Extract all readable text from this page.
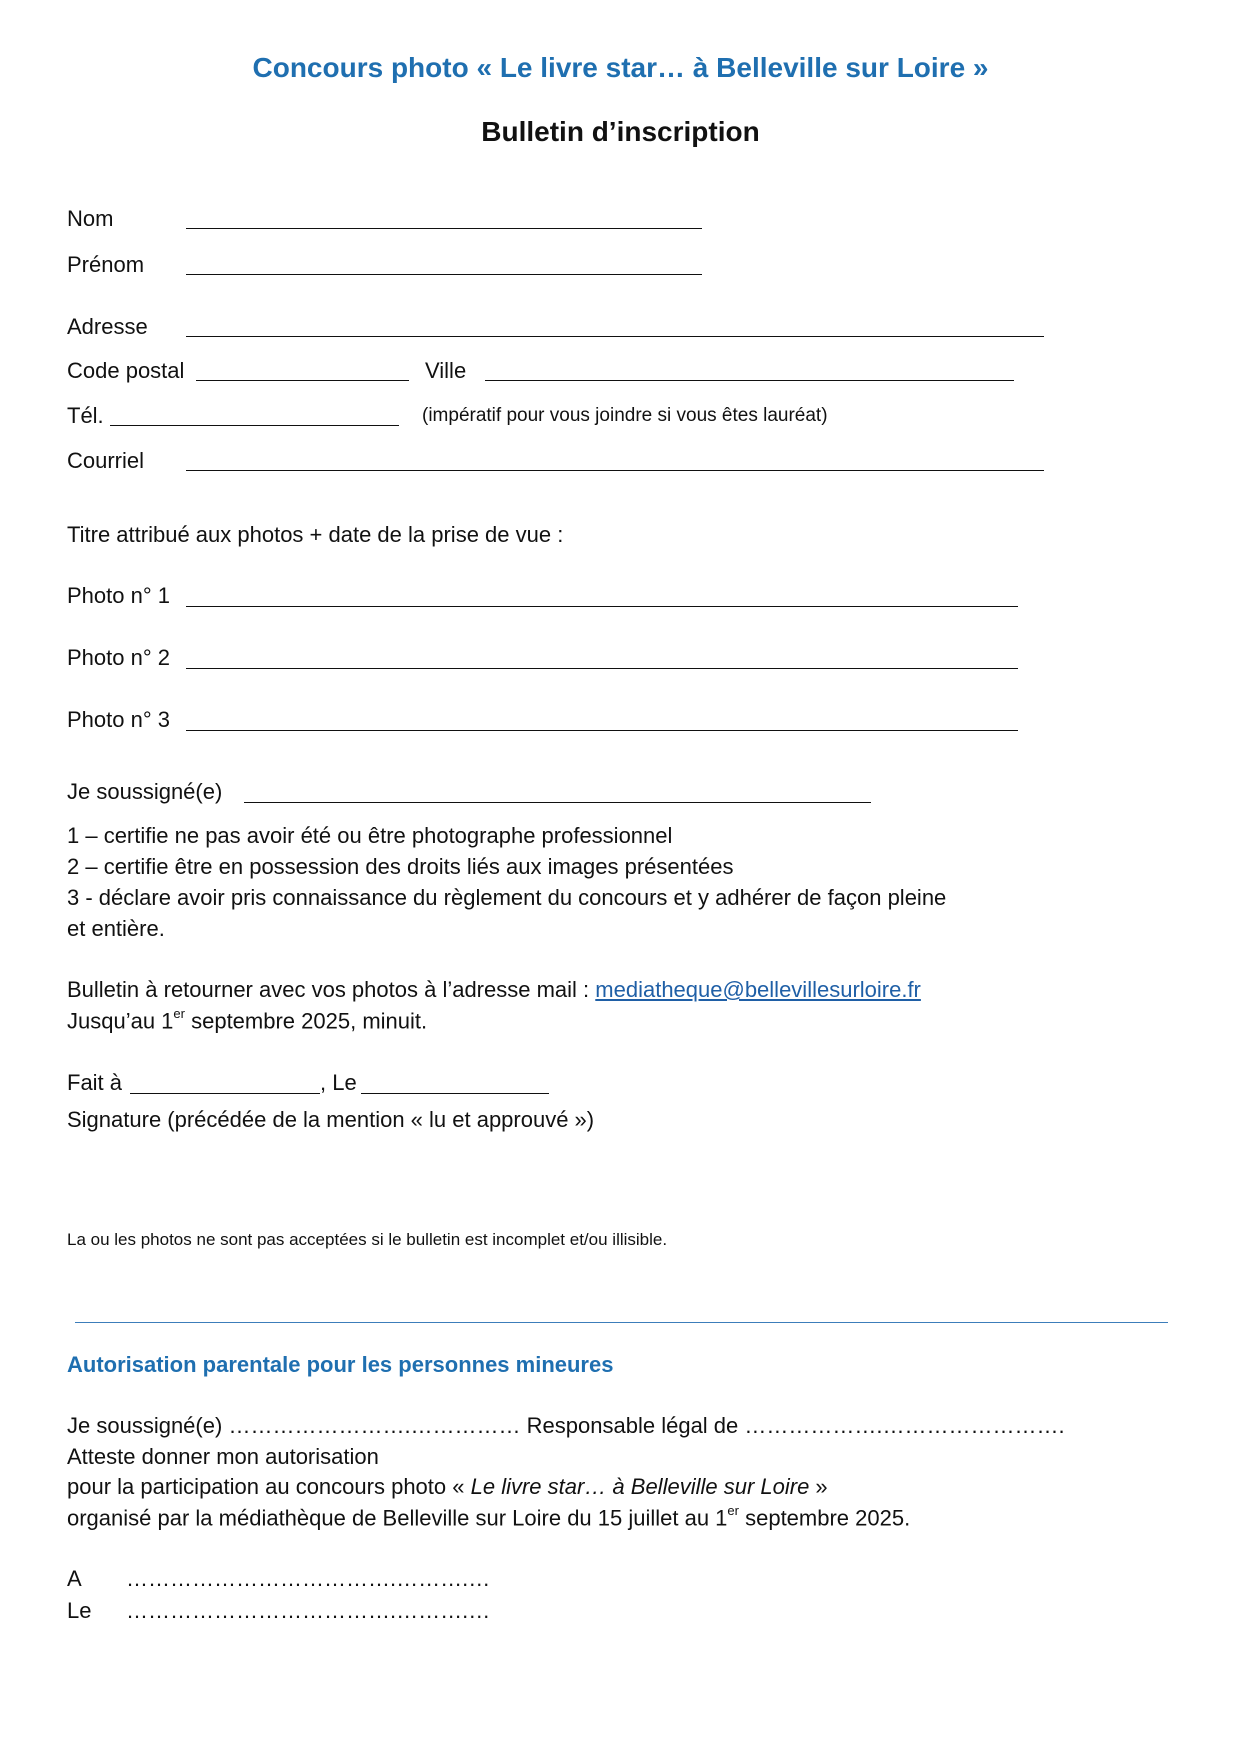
Concours photo « Le livre star… à Belleville sur Loire »
Bulletin d’inscription
Nom
Prénom
Adresse
Code postal	Ville
Tél.	(impératif pour vous joindre si vous êtes lauréat)
Courriel
Titre attribué aux photos + date de la prise de vue :
Photo n° 1
Photo n° 2
Photo n° 3
Je soussigné(e)
1 – certifie ne pas avoir été ou être photographe professionnel
2 – certifie être en possession des droits liés aux images présentées
3 - déclare avoir pris connaissance du règlement du concours et y adhérer de façon pleine
et entière.
Bulletin à retourner avec vos photos à l’adresse mail : mediatheque@bellevillesurloire.fr
Jusqu’au 1er septembre 2025, minuit.
Fait à	, Le
Signature (précédée de la mention « lu et approuvé »)
La ou les photos ne sont pas acceptées si le bulletin est incomplet et/ou illisible.
Autorisation parentale pour les personnes mineures
Je soussigné(e) …………………….…………… Responsable légal de ……………….…………………….
Atteste donner mon autorisation
pour la participation au concours photo « Le livre star… à Belleville sur Loire »
organisé par la médiathèque de Belleville sur Loire du 15 juillet au 1er septembre 2025.
A ……………………………….……….…
Le ……………………………….……….…
